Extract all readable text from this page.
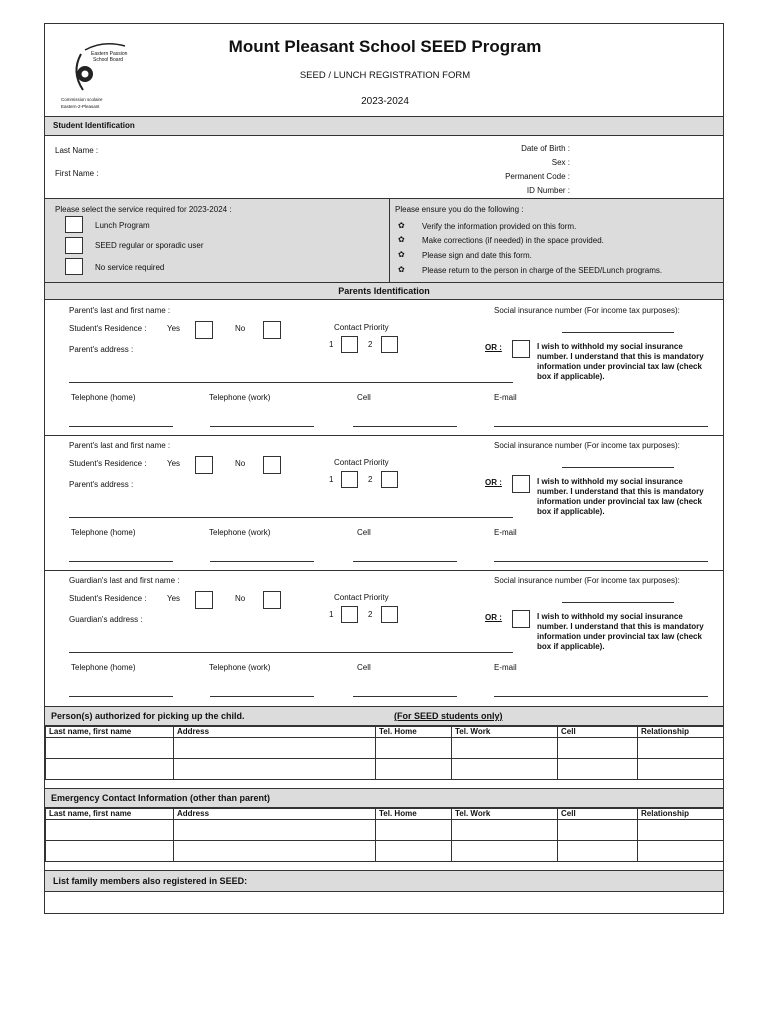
Eastern Passion
School Board
Commission scolaire
Eastern-2-Pleasant
Mount Pleasant School SEED Program
SEED / LUNCH REGISTRATION FORM
2023-2024
Student Identification
Last Name :
First Name :
Date of Birth :
Sex :
Permanent Code :
ID Number :
Please select the service required for 2023-2024 :
Lunch Program
SEED regular or sporadic user
No service required
Please ensure you do the following :
✿ Verify the information provided on this form.
✿ Make corrections (if needed) in the space provided.
✿ Please sign and date this form.
✿ Please return to the person in charge of the SEED/Lunch programs.
Parents Identification
Parent's last and first name :
Student's Residence :	Yes	No	Contact Priority
1	2
Parent's address :
Social insurance number (For income tax purposes):
OR :	I wish to withhold my social insurance number. I understand that this is mandatory information under provincial tax law (check box if applicable).
Telephone (home)	Telephone (work)	Cell	E-mail
Parent's last and first name :
Student's Residence :	Yes	No	Contact Priority
1	2
Parent's address :
Social insurance number (For income tax purposes):
OR :	I wish to withhold my social insurance number. I understand that this is mandatory information under provincial tax law (check box if applicable).
Telephone (home)	Telephone (work)	Cell	E-mail
Guardian's last and first name :
Student's Residence :	Yes	No	Contact Priority
1	2
Guardian's address :
Social insurance number (For income tax purposes):
OR :	I wish to withhold my social insurance number. I understand that this is mandatory information under provincial tax law (check box if applicable).
Telephone (home)	Telephone (work)	Cell	E-mail
Person(s) authorized for picking up the child.	(For SEED students only)
Last name, first name	Address	Tel. Home	Tel. Work	Cell	Relationship

Emergency Contact Information (other than parent)
Last name, first name	Address	Tel. Home	Tel. Work	Cell	Relationship

List family members also registered in SEED:
